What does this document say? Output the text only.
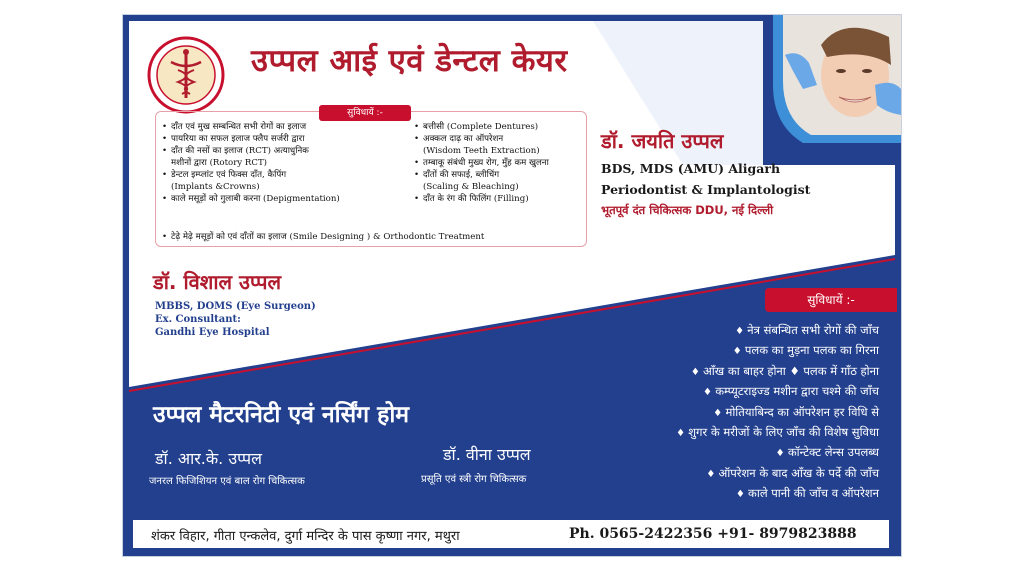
उप्पल आई एवं डेन्टल केयर
सुविधायें :-
• दाँत एवं मुख सम्बन्धित सभी रोगों का इलाज
• पायरिया का सफल इलाज फ्लैप सर्जरी द्वारा
• दाँत की नसों का इलाज (RCT) अत्याधुनिक
मशीनों द्वारा (Rotory RCT)
• डेन्टल इम्प्लांट एवं फिक्स दाँत, कैपिंग
(Implants &Crowns)
• काले मसूड़ों को गुलाबी करना (Depigmentation)
• बत्तीसी (Complete Dentures)
• अक्कल दाढ़ का ऑपरेशन
(Wisdom Teeth Extraction)
• तम्बाकू संबंधी मुख्य रोग, मुँह कम खुलना
• दाँतों की सफाई, ब्लीचिंग
(Scaling & Bleaching)
• दाँत के रंग की फिलिंग (Filling)
• टेढ़े मेढ़े मसूड़ों को एवं दाँतों का इलाज (Smile Designing ) & Orthodontic Treatment
डॉ. जयति उप्पल
BDS, MDS (AMU) Aligarh
Periodontist & Implantologist
भूतपूर्व दंत चिकित्सक DDU, नई दिल्ली
डॉ. विशाल उप्पल
MBBS, DOMS (Eye Surgeon)
Ex. Consultant:
Gandhi Eye Hospital
सुविधायें :-
♦ नेत्र संबन्धित सभी रोगों की जाँच
♦ पलक का मुड़ना पलक का गिरना
♦ आँख का बाहर होना ♦ पलक में गाँठ होना
♦ कम्प्यूटराइज्ड मशीन द्वारा चश्मे की जाँच
♦ मोतियाबिन्द का ऑपरेशन हर विधि से
♦ शुगर के मरीजों के लिए जाँच की विशेष सुविधा
♦ कॉन्टेक्ट लेन्स उपलब्ध
♦ ऑपरेशन के बाद आँख के पर्दे की जाँच
♦ काले पानी की जाँच व ऑपरेशन
उप्पल मैटरनिटी एवं नर्सिंग होम
डॉ. आर.के. उप्पल
जनरल फिजिशियन एवं बाल रोग चिकित्सक
डॉ. वीना उप्पल
प्रसूति एवं स्त्री रोग चिकित्सक
शंकर विहार, गीता एन्कलेव, दुर्गा मन्दिर के पास कृष्णा नगर, मथुरा	Ph. 0565-2422356 +91- 8979823888
